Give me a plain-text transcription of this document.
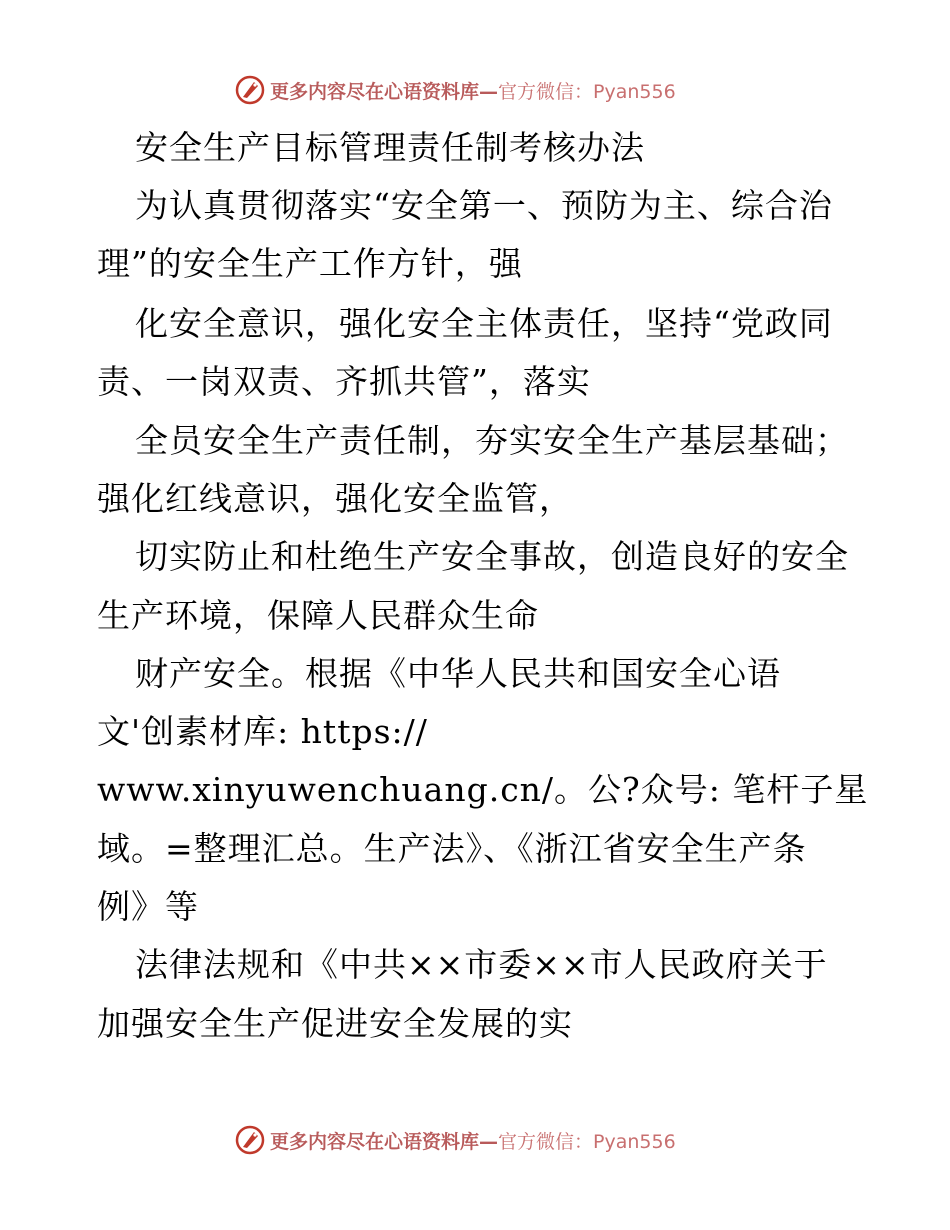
更多内容尽在心语资料库—官方微信：Pyan556
安全生产目标管理责任制考核办法
为认真贯彻落实“安全第一、预防为主、综合治
理”的安全生产工作方针，强
化安全意识，强化安全主体责任，坚持“党政同
责、一岗双责、齐抓共管”，落实
全员安全生产责任制，夯实安全生产基层基础；
强化红线意识，强化安全监管，
切实防止和杜绝生产安全事故，创造良好的安全
生产环境，保障人民群众生命
财产安全。根据《中华人民共和国安全心语
文'创素材库: https://
www.xinyuwenchuang.cn/。公?众号: 笔杆子星
域。=整理汇总。生产法》、《浙江省安全生产条
例》等
法律法规和《中共××市委××市人民政府关于
加强安全生产促进安全发展的实
更多内容尽在心语资料库—官方微信：Pyan556
